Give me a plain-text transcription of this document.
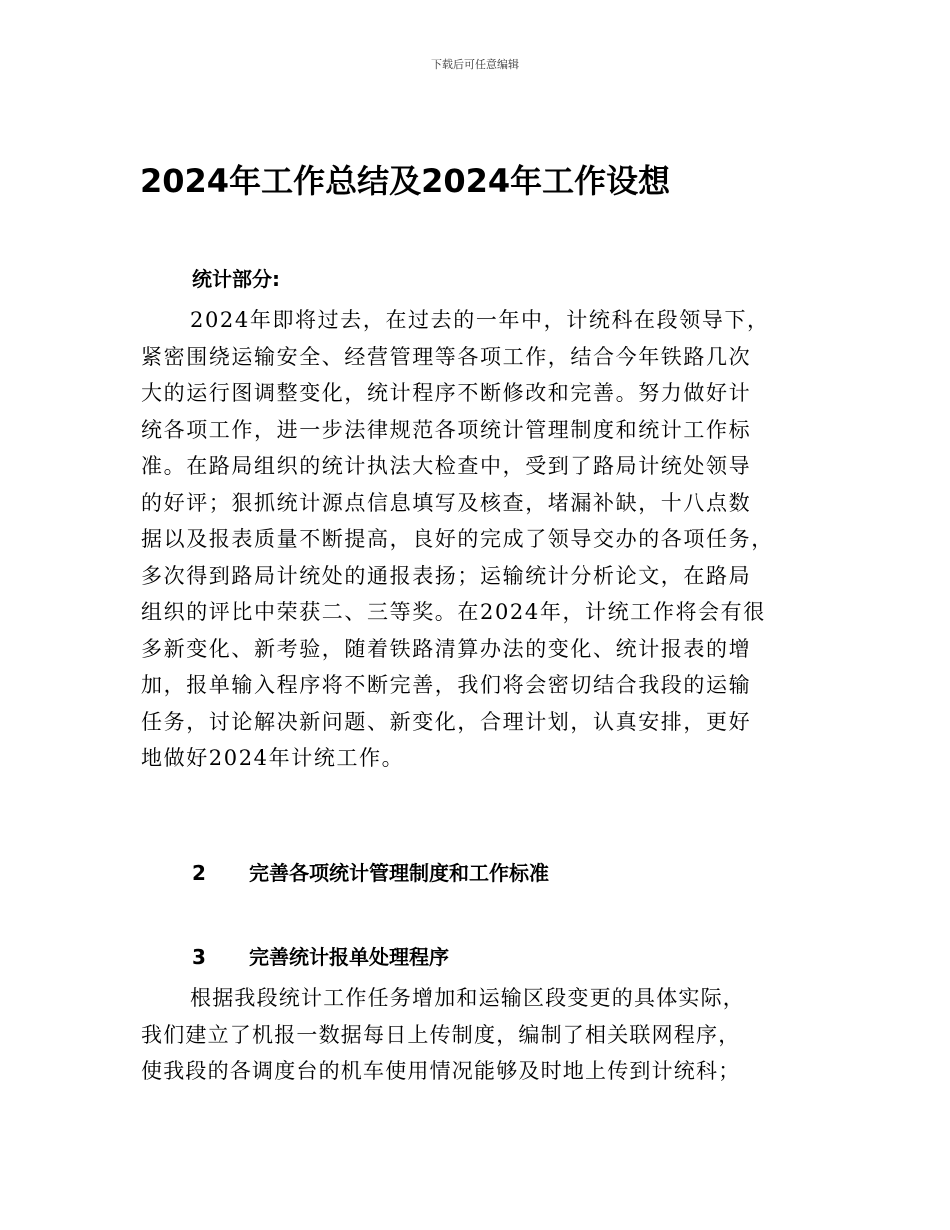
下载后可任意编辑
2024年工作总结及2024年工作设想
统计部分:
2024年即将过去，在过去的一年中，计统科在段领导下，
紧密围绕运输安全、经营管理等各项工作，结合今年铁路几次
大的运行图调整变化，统计程序不断修改和完善。努力做好计
统各项工作，进一步法律规范各项统计管理制度和统计工作标
准。在路局组织的统计执法大检查中，受到了路局计统处领导
的好评；狠抓统计源点信息填写及核查，堵漏补缺，十八点数
据以及报表质量不断提高，良好的完成了领导交办的各项任务，
多次得到路局计统处的通报表扬；运输统计分析论文，在路局
组织的评比中荣获二、三等奖。在2024年，计统工作将会有很
多新变化、新考验，随着铁路清算办法的变化、统计报表的增
加，报单输入程序将不断完善，我们将会密切结合我段的运输
任务，讨论解决新问题、新变化，合理计划，认真安排，更好
地做好2024年计统工作。
2 完善各项统计管理制度和工作标准
3 完善统计报单处理程序
根据我段统计工作任务增加和运输区段变更的具体实际，
我们建立了机报一数据每日上传制度，编制了相关联网程序，
使我段的各调度台的机车使用情况能够及时地上传到计统科；
